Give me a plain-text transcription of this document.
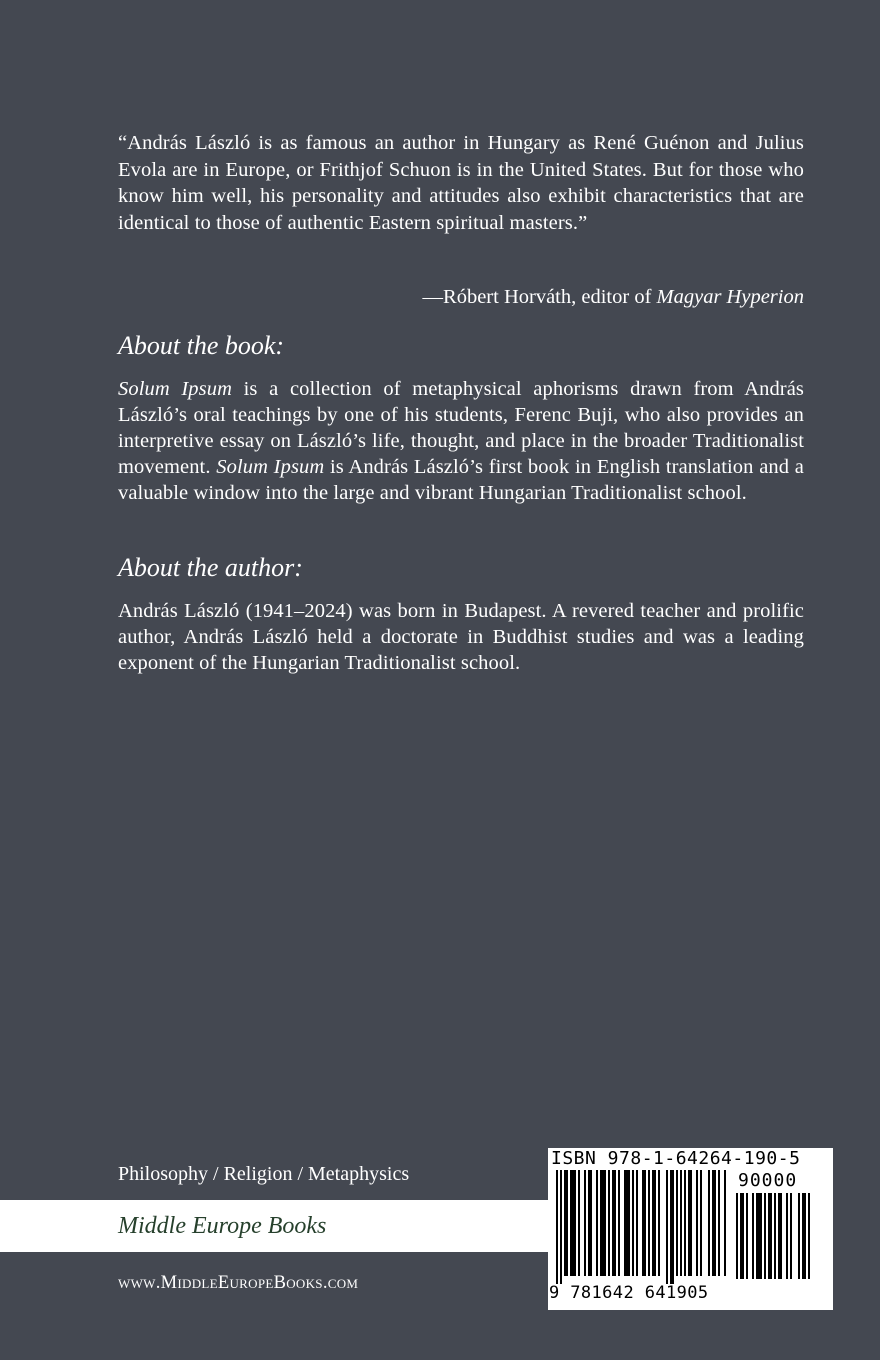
“András László is as famous an author in Hungary as René Guénon and Julius Evola are in Europe, or Frithjof Schuon is in the United States. But for those who know him well, his personality and attitudes also exhibit characteristics that are identical to those of authentic Eastern spiritual masters.”
—Róbert Horváth, editor of Magyar Hyperion
About the book:
Solum Ipsum is a collection of metaphysical aphorisms drawn from András László’s oral teachings by one of his students, Ferenc Buji, who also provides an interpretive essay on László’s life, thought, and place in the broader Traditionalist movement. Solum Ipsum is András László’s first book in English translation and a valuable window into the large and vibrant Hungarian Traditionalist school.
About the author:
András László (1941–2024) was born in Budapest. A revered teacher and prolific author, András László held a doctorate in Buddhist studies and was a leading exponent of the Hungarian Traditionalist school.
Philosophy / Religion / Metaphysics
Middle Europe Books
www.MiddleEuropeBooks.com
ISBN 978-1-64264-190-5
90000
9 781642 641905
